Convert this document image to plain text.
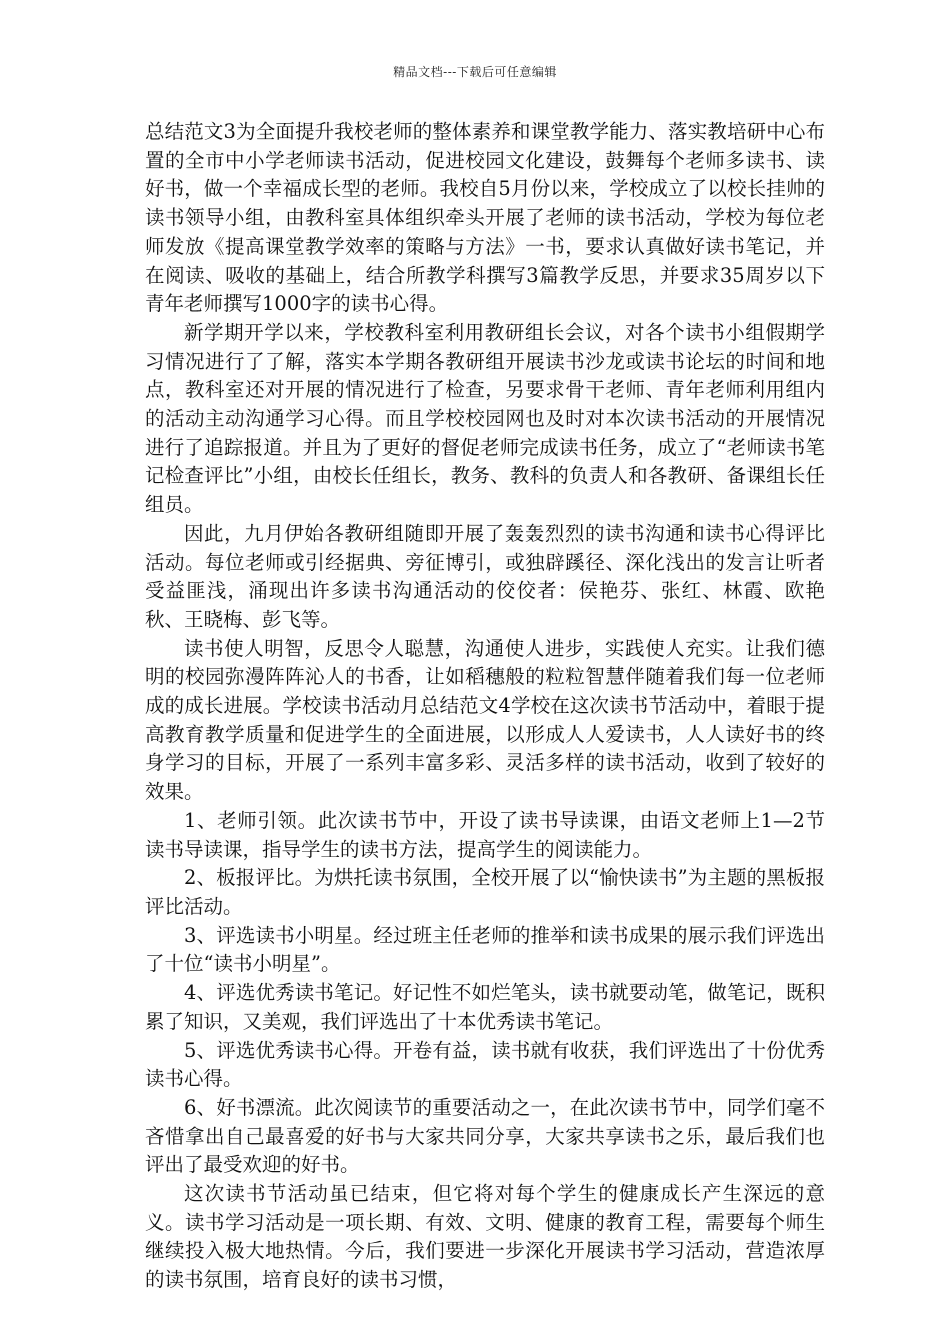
精品文档---下载后可任意编辑

总结范文3为全面提升我校老师的整体素养和课堂教学能力、落实教培研中心布置的全市中小学老师读书活动，促进校园文化建设，鼓舞每个老师多读书、读好书，做一个幸福成长型的老师。我校自5月份以来，学校成立了以校长挂帅的读书领导小组，由教科室具体组织牵头开展了老师的读书活动，学校为每位老师发放《提高课堂教学效率的策略与方法》一书，要求认真做好读书笔记，并在阅读、吸收的基础上，结合所教学科撰写3篇教学反思，并要求35周岁以下青年老师撰写1000字的读书心得。

新学期开学以来，学校教科室利用教研组长会议，对各个读书小组假期学习情况进行了了解，落实本学期各教研组开展读书沙龙或读书论坛的时间和地点，教科室还对开展的情况进行了检查，另要求骨干老师、青年老师利用组内的活动主动沟通学习心得。而且学校校园网也及时对本次读书活动的开展情况进行了追踪报道。并且为了更好的督促老师完成读书任务，成立了“老师读书笔记检查评比”小组，由校长任组长，教务、教科的负责人和各教研、备课组长任组员。

因此，九月伊始各教研组随即开展了轰轰烈烈的读书沟通和读书心得评比活动。每位老师或引经据典、旁征博引，或独辟蹊径、深化浅出的发言让听者受益匪浅，涌现出许多读书沟通活动的佼佼者：侯艳芬、张红、林霞、欧艳秋、王晓梅、彭飞等。

读书使人明智，反思令人聪慧，沟通使人进步，实践使人充实。让我们德明的校园弥漫阵阵沁人的书香，让如稻穗般的粒粒智慧伴随着我们每一位老师成的成长进展。学校读书活动月总结范文4学校在这次读书节活动中，着眼于提高教育教学质量和促进学生的全面进展，以形成人人爱读书，人人读好书的终身学习的目标，开展了一系列丰富多彩、灵活多样的读书活动，收到了较好的效果。

1、老师引领。此次读书节中，开设了读书导读课，由语文老师上1—2节读书导读课，指导学生的读书方法，提高学生的阅读能力。

2、板报评比。为烘托读书氛围，全校开展了以“愉快读书”为主题的黑板报评比活动。

3、评选读书小明星。经过班主任老师的推举和读书成果的展示我们评选出了十位“读书小明星”。

4、评选优秀读书笔记。好记性不如烂笔头，读书就要动笔，做笔记，既积累了知识，又美观，我们评选出了十本优秀读书笔记。

5、评选优秀读书心得。开卷有益，读书就有收获，我们评选出了十份优秀读书心得。

6、好书漂流。此次阅读节的重要活动之一，在此次读书节中，同学们毫不吝惜拿出自己最喜爱的好书与大家共同分享，大家共享读书之乐，最后我们也评出了最受欢迎的好书。

这次读书节活动虽已结束，但它将对每个学生的健康成长产生深远的意义。读书学习活动是一项长期、有效、文明、健康的教育工程，需要每个师生继续投入极大地热情。今后，我们要进一步深化开展读书学习活动，营造浓厚的读书氛围，培育良好的读书习惯，
